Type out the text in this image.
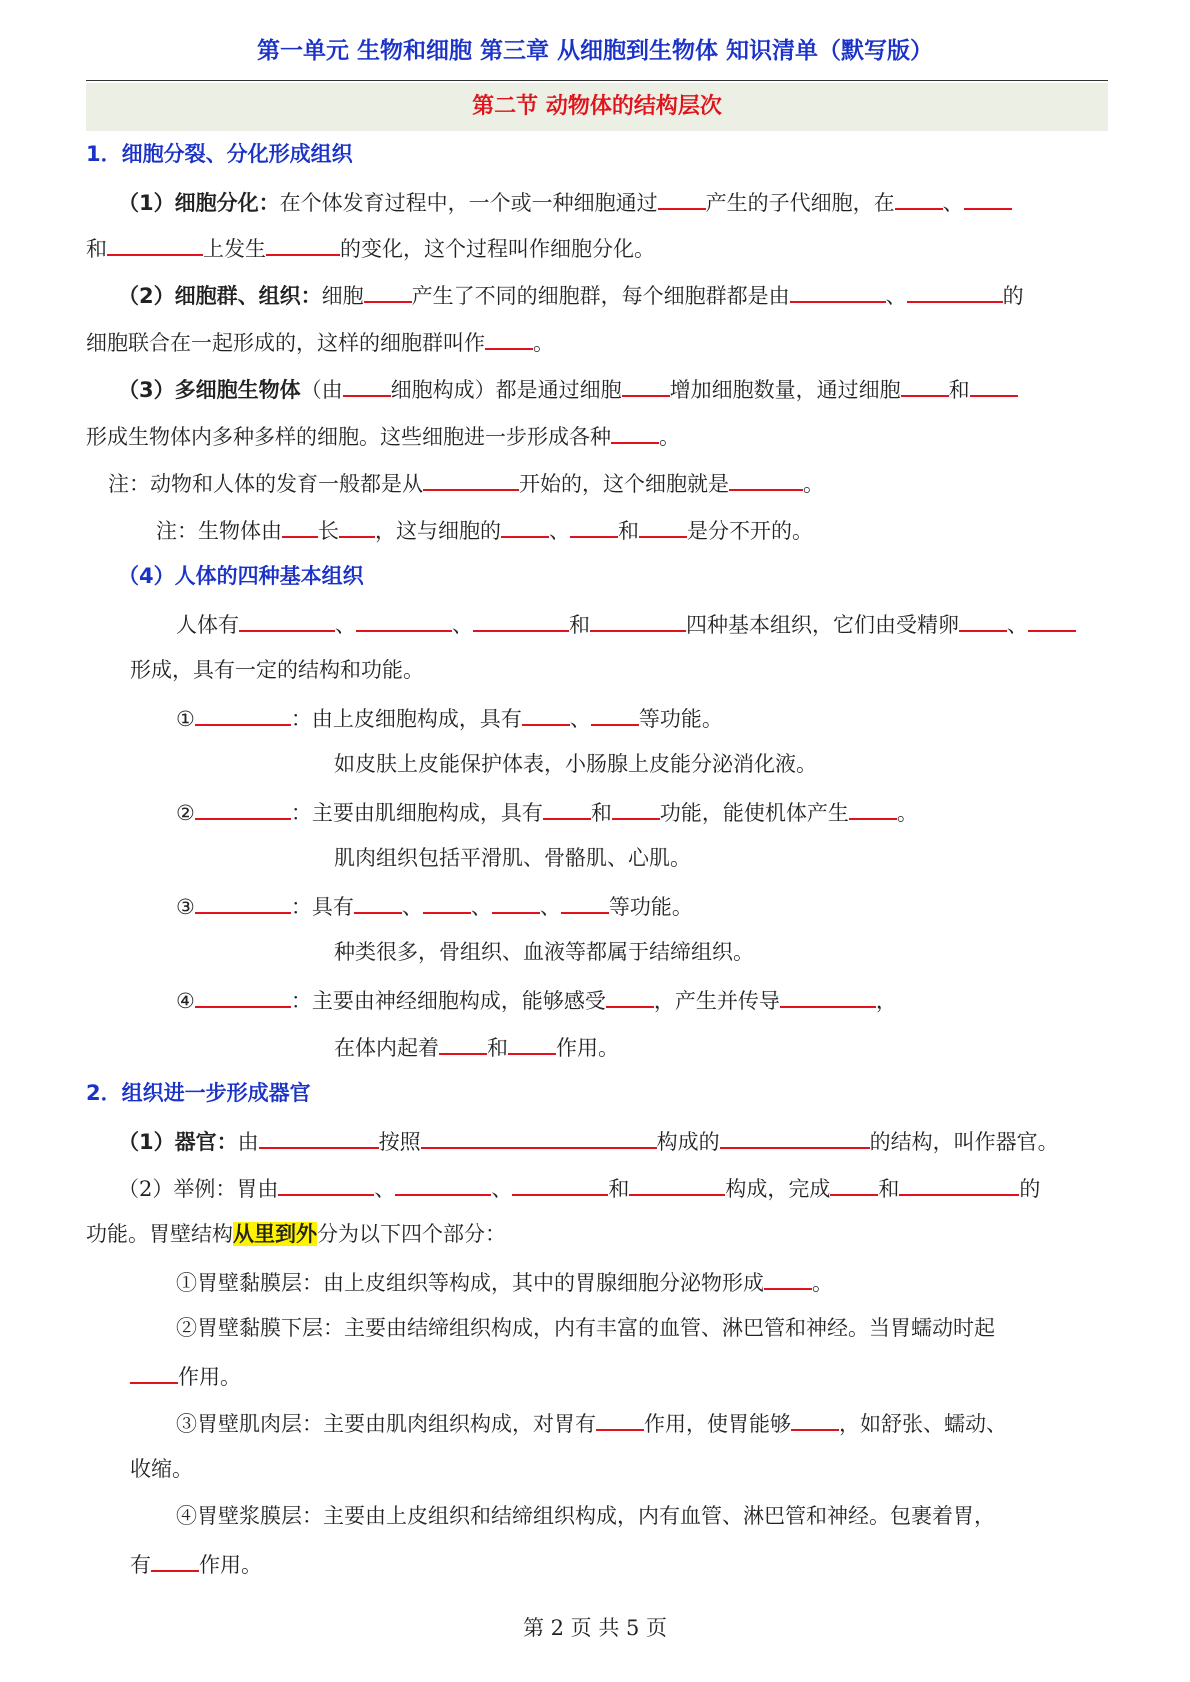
第一单元 生物和细胞 第三章 从细胞到生物体 知识清单（默写版）
第二节 动物体的结构层次
1．细胞分裂、分化形成组织
（1）细胞分化：在个体发育过程中，一个或一种细胞通过 产生的子代细胞，在 、
和	上发生	的变化，这个过程叫作细胞分化。
（2）细胞群、组织：细胞 产生了不同的细胞群，每个细胞群都是由	、	的
细胞联合在一起形成的，这样的细胞群叫作 。
（3）多细胞生物体（由 细胞构成）都是通过细胞 增加细胞数量，通过细胞 和
形成生物体内多种多样的细胞。这些细胞进一步形成各种 。
注：动物和人体的发育一般都是从	开始的，这个细胞就是	。
注：生物体由 长 ，这与细胞的 、 和 是分不开的。
（4）人体的四种基本组织
人体有	、	、	和	四种基本组织，它们由受精卵 、
形成，具有一定的结构和功能。
①	：由上皮细胞构成，具有 、 等功能。
如皮肤上皮能保护体表，小肠腺上皮能分泌消化液。
②	：主要由肌细胞构成，具有 和 功能，能使机体产生 。
肌肉组织包括平滑肌、骨骼肌、心肌。
③	：具有 、 、 、 等功能。
种类很多，骨组织、血液等都属于结缔组织。
④	：主要由神经细胞构成，能够感受 ，产生并传导	，
在体内起着 和 作用。
2．组织进一步形成器官
（1）器官：由	按照	构成的	的结构，叫作器官。
（2）举例：胃由	、	、	和	构成，完成 和	的
功能。胃壁结构从里到外分为以下四个部分：
①胃壁黏膜层：由上皮组织等构成，其中的胃腺细胞分泌物形成 。
②胃壁黏膜下层：主要由结缔组织构成，内有丰富的血管、淋巴管和神经。当胃蠕动时起
作用。
③胃壁肌肉层：主要由肌肉组织构成，对胃有 作用，使胃能够 ，如舒张、蠕动、
收缩。
④胃壁浆膜层：主要由上皮组织和结缔组织构成，内有血管、淋巴管和神经。包裹着胃，
有 作用。
第 2 页 共 5 页
